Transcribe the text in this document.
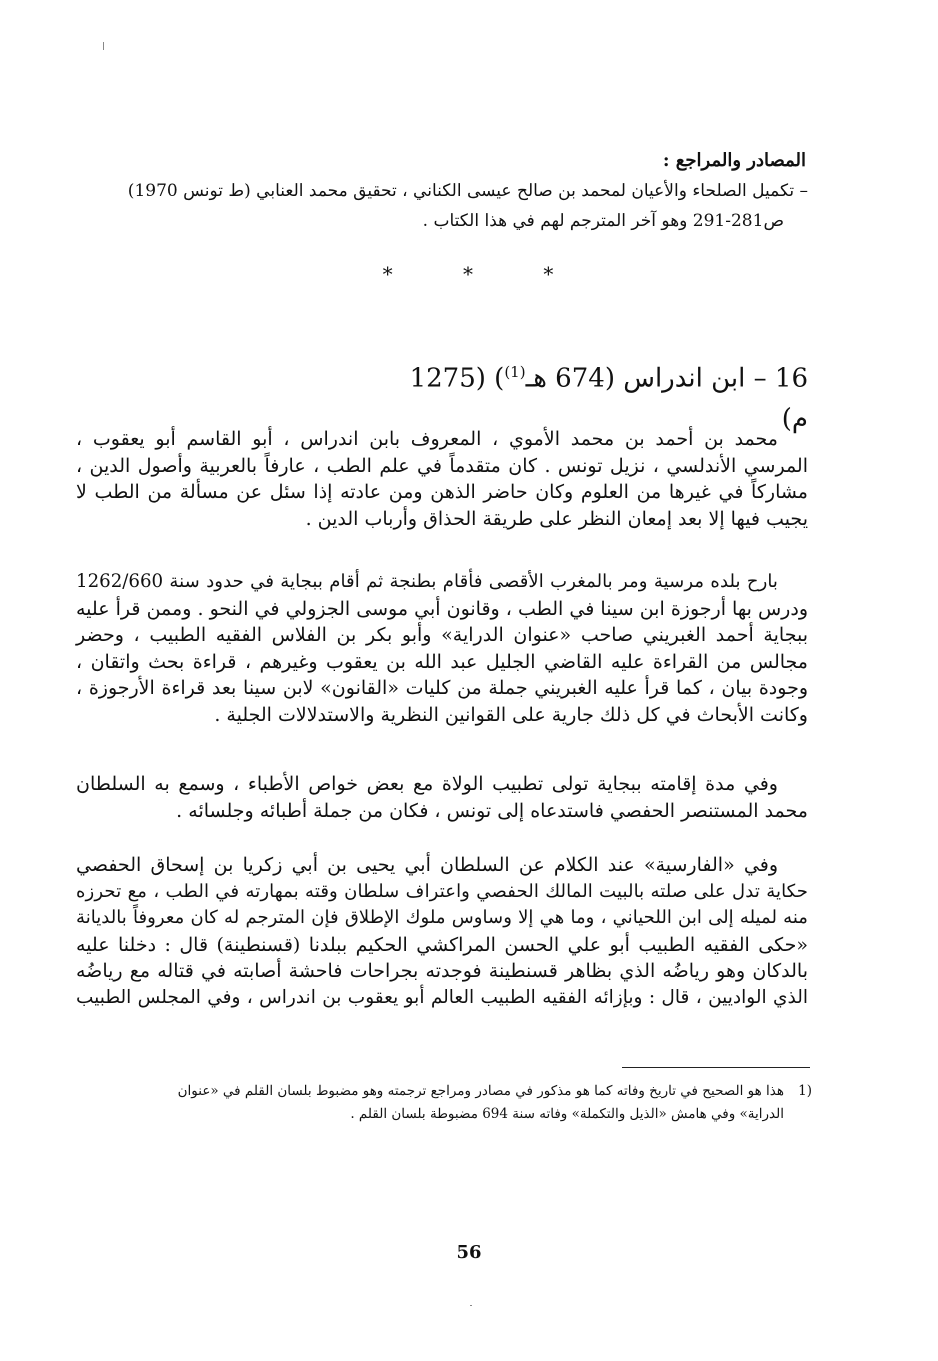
المصادر والمراجع :
– تكميل الصلحاء والأعيان لمحمد بن صالح عيسى الكناني ، تحقيق محمد العنابي (ط تونس 1970)
ص281-291 وهو آخر المترجم لهم في هذا الكتاب .
* * *
16 – ابن اندراس (674 هـ$^{(1)}$) (1275 م)
محمد بن أحمد بن محمد الأموي ، المعروف بابن اندراس ، أبو القاسم أبو يعقوب ،
المرسي الأندلسي ، نزيل تونس . كان متقدماً في علم الطب ، عارفاً بالعربية وأصول الدين ،
مشاركاً في غيرها من العلوم وكان حاضر الذهن ومن عادته إذا سئل عن مسألة من الطب لا
يجيب فيها إلا بعد إمعان النظر على طريقة الحذاق وأرباب الدين .
بارح بلده مرسية ومر بالمغرب الأقصى فأقام بطنجة ثم أقام ببجاية في حدود سنة 1262/660
ودرس بها أرجوزة ابن سينا في الطب ، وقانون أبي موسى الجزولي في النحو . وممن قرأ عليه
ببجاية أحمد الغبريني صاحب «عنوان الدراية» وأبو بكر بن الفلاس الفقيه الطبيب ، وحضر
مجالس من القراءة عليه القاضي الجليل عبد الله بن يعقوب وغيرهم ، قراءة بحث واتقان ،
وجودة بيان ، كما قرأ عليه الغبريني جملة من كليات «القانون» لابن سينا بعد قراءة الأرجوزة ،
وكانت الأبحاث في كل ذلك جارية على القوانين النظرية والاستدلالات الجلية .
وفي مدة إقامته ببجاية تولى تطبيب الولاة مع بعض خواص الأطباء ، وسمع به السلطان
محمد المستنصر الحفصي فاستدعاه إلى تونس ، فكان من جملة أطبائه وجلسائه .
وفي «الفارسية» عند الكلام عن السلطان أبي يحيى بن أبي زكريا بن إسحاق الحفصي
حكاية تدل على صلته بالبيت المالك الحفصي واعتراف سلطان وقته بمهارته في الطب ، مع تحرزه
منه لميله إلى ابن اللحياني ، وما هي إلا وساوس ملوك الإطلاق فإن المترجم له كان معروفاً بالديانة
«حكى الفقيه الطبيب أبو علي الحسن المراكشي الحكيم ببلدنا (قسنطينة) قال : دخلنا عليه
بالدكان وهو رياضُه الذي بظاهر قسنطينة فوجدته بجراحات فاحشة أصابته في قتاله مع رياضُه
الذي الواديين ، قال : وبإزائه الفقيه الطبيب العالم أبو يعقوب بن اندراس ، وفي المجلس الطبيب
1)
هذا هو الصحيح في تاريخ وفاته كما هو مذكور في مصادر ومراجع ترجمته وهو مضبوط بلسان القلم في «عنوان
الدراية» وفي هامش «الذيل والتكملة» وفاته سنة 694 مضبوطة بلسان القلم .
56
